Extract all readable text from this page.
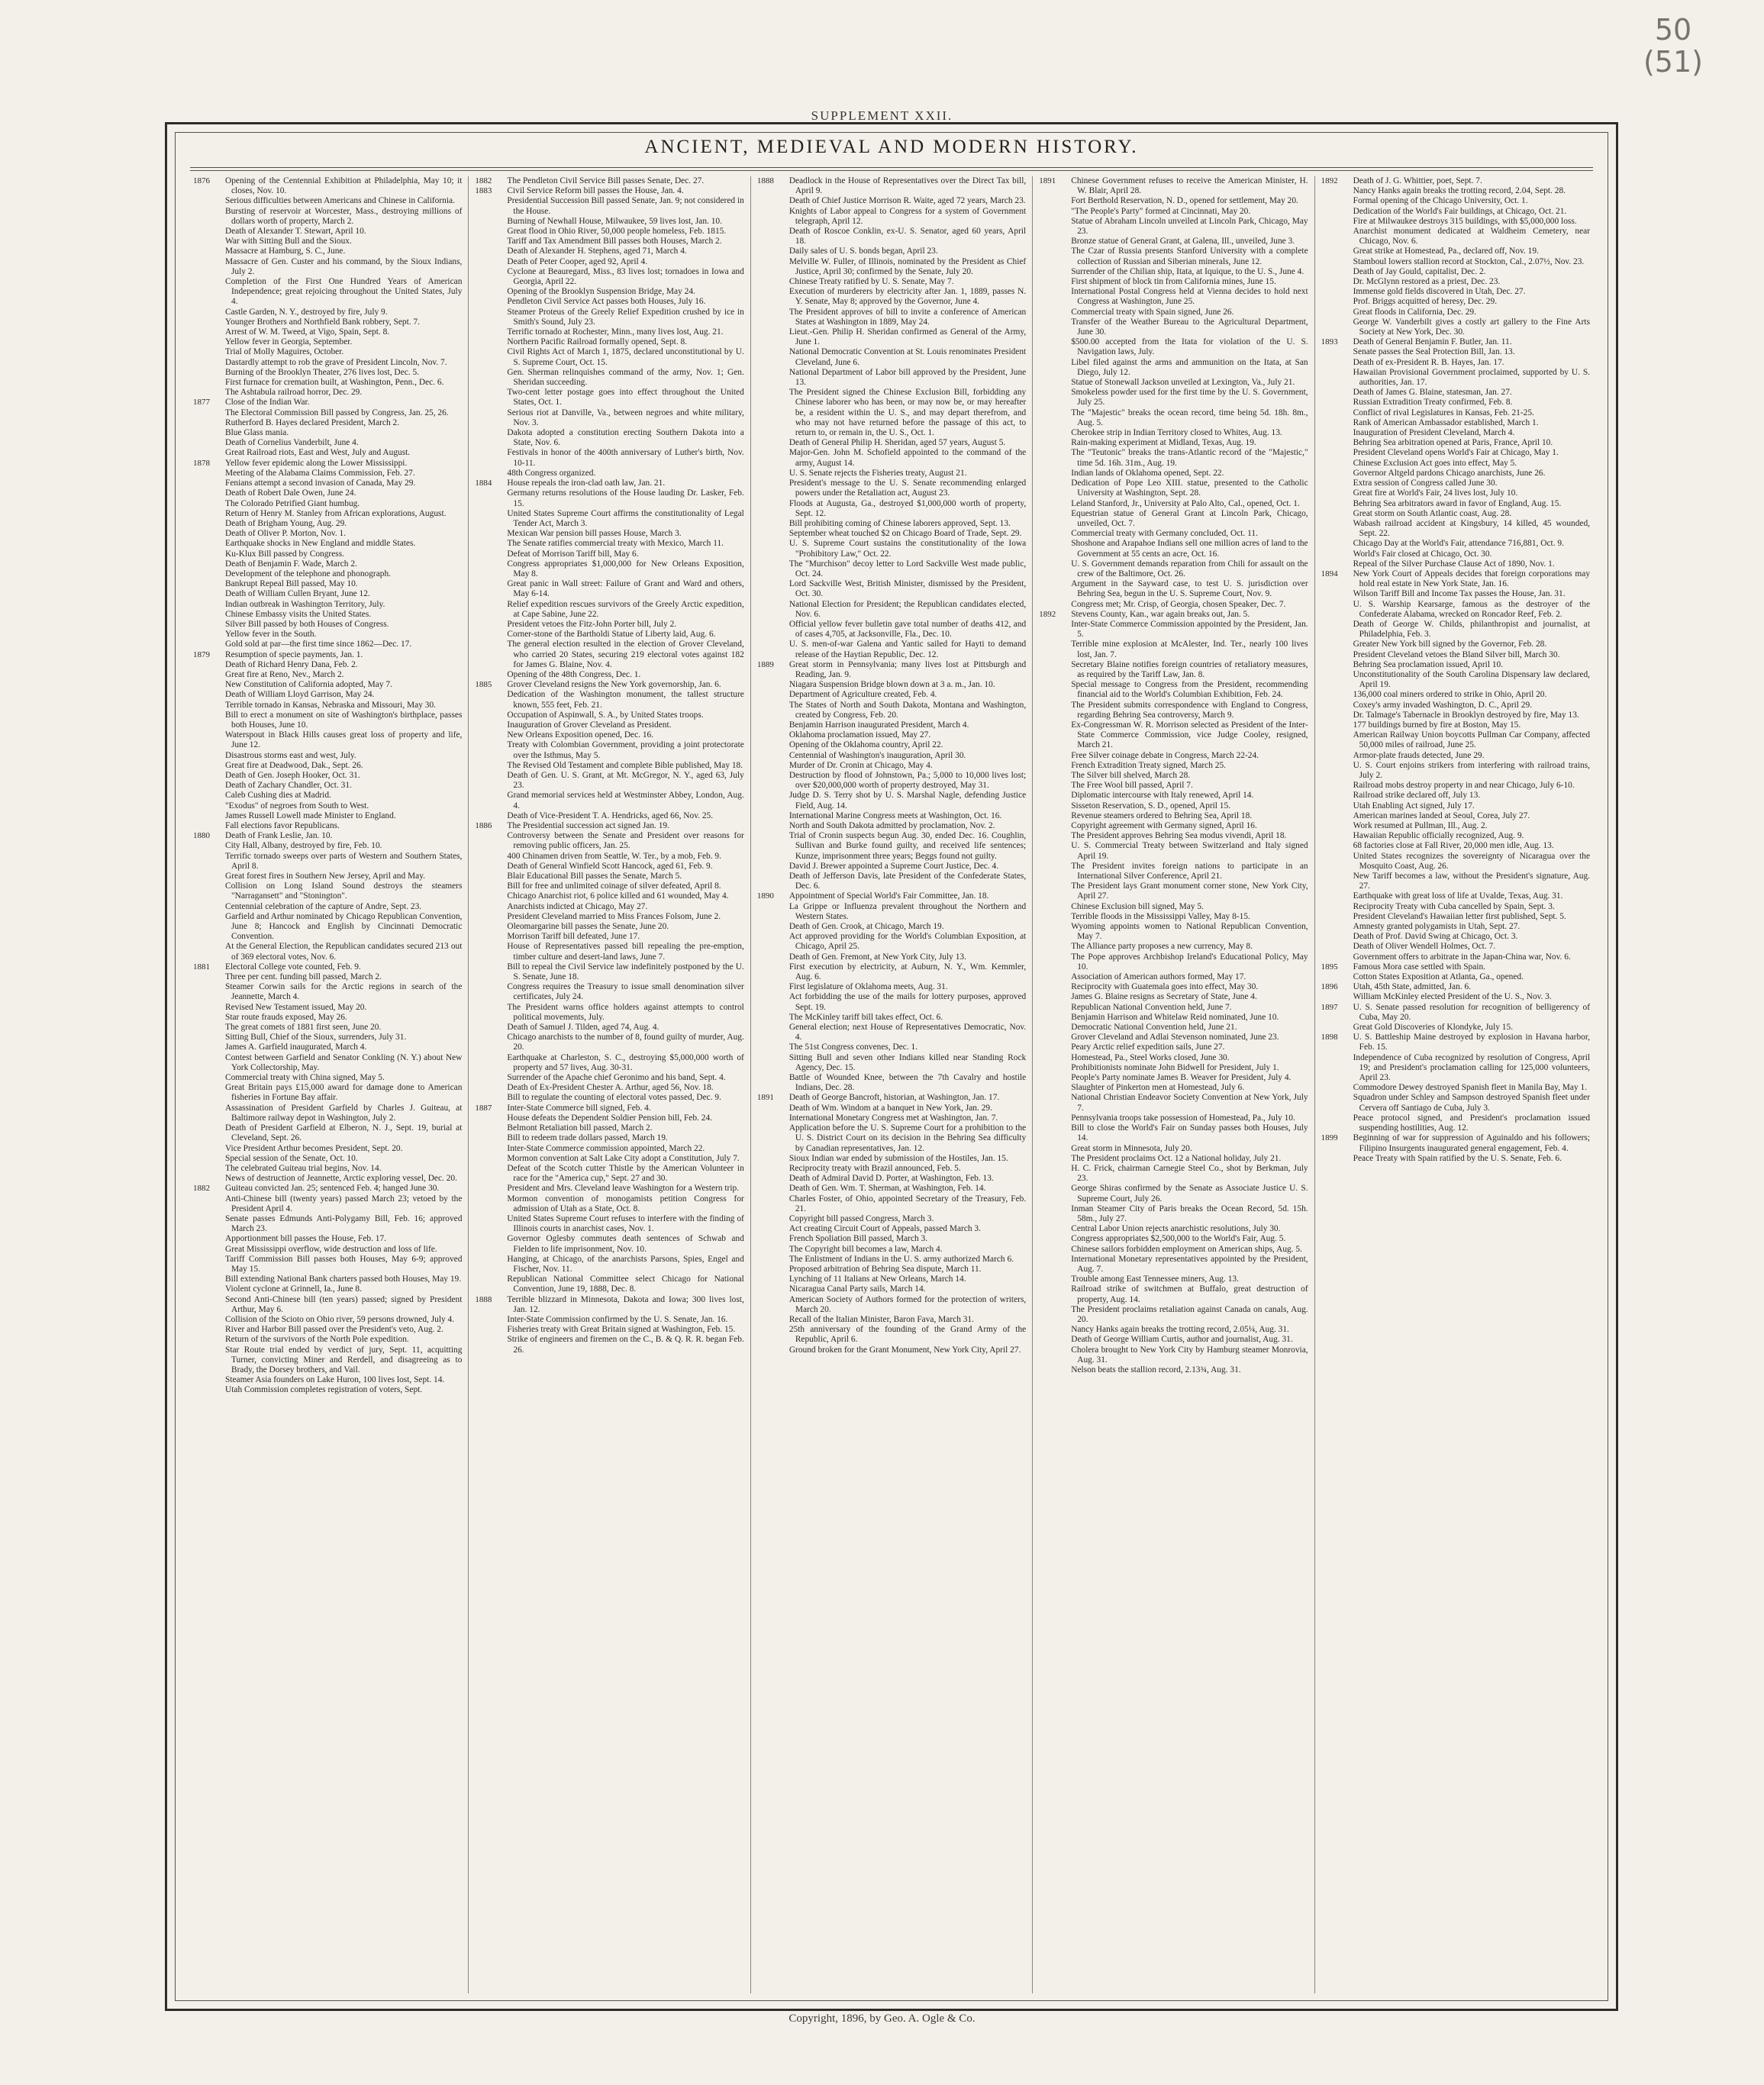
50
(51)
SUPPLEMENT XXII.
ANCIENT, MEDIEVAL AND MODERN HISTORY.
1876	Opening of the Centennial Exhibition at Philadelphia, May 10; it closes, Nov. 10.
Serious difficulties between Americans and Chinese in California.
Bursting of reservoir at Worcester, Mass., destroying millions of dollars worth of property, March 2.
Death of Alexander T. Stewart, April 10.
War with Sitting Bull and the Sioux.
Massacre at Hamburg, S. C., June.
Massacre of Gen. Custer and his command, by the Sioux Indians, July 2.
Completion of the First One Hundred Years of American Independence; great rejoicing throughout the United States, July 4.
Castle Garden, N. Y., destroyed by fire, July 9.
Younger Brothers and Northfield Bank robbery, Sept. 7.
Arrest of W. M. Tweed, at Vigo, Spain, Sept. 8.
Yellow fever in Georgia, September.
Trial of Molly Maguires, October.
Dastardly attempt to rob the grave of President Lincoln, Nov. 7.
Burning of the Brooklyn Theater, 276 lives lost, Dec. 5.
First furnace for cremation built, at Washington, Penn., Dec. 6.
The Ashtabula railroad horror, Dec. 29.
1877	Close of the Indian War.
The Electoral Commission Bill passed by Congress, Jan. 25, 26.
Rutherford B. Hayes declared President, March 2.
Blue Glass mania.
Death of Cornelius Vanderbilt, June 4.
Great Railroad riots, East and West, July and August.
1878	Yellow fever epidemic along the Lower Mississippi.
Meeting of the Alabama Claims Commission, Feb. 27.
Fenians attempt a second invasion of Canada, May 29.
Death of Robert Dale Owen, June 24.
The Colorado Petrified Giant humbug.
Return of Henry M. Stanley from African explorations, August.
Death of Brigham Young, Aug. 29.
Death of Oliver P. Morton, Nov. 1.
Earthquake shocks in New England and middle States.
Ku-Klux Bill passed by Congress.
Death of Benjamin F. Wade, March 2.
Development of the telephone and phonograph.
Bankrupt Repeal Bill passed, May 10.
Death of William Cullen Bryant, June 12.
Indian outbreak in Washington Territory, July.
Chinese Embassy visits the United States.
Silver Bill passed by both Houses of Congress.
Yellow fever in the South.
Gold sold at par—the first time since 1862—Dec. 17.
1879	Resumption of specie payments, Jan. 1.
Death of Richard Henry Dana, Feb. 2.
Great fire at Reno, Nev., March 2.
New Constitution of California adopted, May 7.
Death of William Lloyd Garrison, May 24.
Terrible tornado in Kansas, Nebraska and Missouri, May 30.
Bill to erect a monument on site of Washington's birthplace, passes both Houses, June 10.
Waterspout in Black Hills causes great loss of property and life, June 12.
Disastrous storms east and west, July.
Great fire at Deadwood, Dak., Sept. 26.
Death of Gen. Joseph Hooker, Oct. 31.
Death of Zachary Chandler, Oct. 31.
Caleb Cushing dies at Madrid.
"Exodus" of negroes from South to West.
James Russell Lowell made Minister to England.
Fall elections favor Republicans.
1880	Death of Frank Leslie, Jan. 10.
City Hall, Albany, destroyed by fire, Feb. 10.
Terrific tornado sweeps over parts of Western and Southern States, April 8.
Great forest fires in Southern New Jersey, April and May.
Collision on Long Island Sound destroys the steamers "Narragansett" and "Stonington".
Centennial celebration of the capture of Andre, Sept. 23.
Garfield and Arthur nominated by Chicago Republican Convention, June 8; Hancock and English by Cincinnati Democratic Convention.
At the General Election, the Republican candidates secured 213 out of 369 electoral votes, Nov. 6.
1881	Electoral College vote counted, Feb. 9.
Three per cent. funding bill passed, March 2.
Steamer Corwin sails for the Arctic regions in search of the Jeannette, March 4.
Revised New Testament issued, May 20.
Star route frauds exposed, May 26.
The great comets of 1881 first seen, June 20.
Sitting Bull, Chief of the Sioux, surrenders, July 31.
James A. Garfield inaugurated, March 4.
Contest between Garfield and Senator Conkling (N. Y.) about New York Collectorship, May.
Commercial treaty with China signed, May 5.
Great Britain pays £15,000 award for damage done to American fisheries in Fortune Bay affair.
Assassination of President Garfield by Charles J. Guiteau, at Baltimore railway depot in Washington, July 2.
Death of President Garfield at Elberon, N. J., Sept. 19, burial at Cleveland, Sept. 26.
Vice President Arthur becomes President, Sept. 20.
Special session of the Senate, Oct. 10.
The celebrated Guiteau trial begins, Nov. 14.
News of destruction of Jeannette, Arctic exploring vessel, Dec. 20.
1882	Guiteau convicted Jan. 25; sentenced Feb. 4; hanged June 30.
Anti-Chinese bill (twenty years) passed March 23; vetoed by the President April 4.
Senate passes Edmunds Anti-Polygamy Bill, Feb. 16; approved March 23.
Apportionment bill passes the House, Feb. 17.
Great Mississippi overflow, wide destruction and loss of life.
Tariff Commission Bill passes both Houses, May 6-9; approved May 15.
Bill extending National Bank charters passed both Houses, May 19.
Violent cyclone at Grinnell, Ia., June 8.
Second Anti-Chinese bill (ten years) passed; signed by President Arthur, May 6.
Collision of the Scioto on Ohio river, 59 persons drowned, July 4.
River and Harbor Bill passed over the President's veto, Aug. 2.
Return of the survivors of the North Pole expedition.
Star Route trial ended by verdict of jury, Sept. 11, acquitting Turner, convicting Miner and Rerdell, and disagreeing as to Brady, the Dorsey brothers, and Vail.
Steamer Asia founders on Lake Huron, 100 lives lost, Sept. 14.
Utah Commission completes registration of voters, Sept.
1882	The Pendleton Civil Service Bill passes Senate, Dec. 27.
1883	Civil Service Reform bill passes the House, Jan. 4.
Presidential Succession Bill passed Senate, Jan. 9; not considered in the House.
Burning of Newhall House, Milwaukee, 59 lives lost, Jan. 10.
Great flood in Ohio River, 50,000 people homeless, Feb. 1815.
Tariff and Tax Amendment Bill passes both Houses, March 2.
Death of Alexander H. Stephens, aged 71, March 4.
Death of Peter Cooper, aged 92, April 4.
Cyclone at Beauregard, Miss., 83 lives lost; tornadoes in Iowa and Georgia, April 22.
Opening of the Brooklyn Suspension Bridge, May 24.
Pendleton Civil Service Act passes both Houses, July 16.
Steamer Proteus of the Greely Relief Expedition crushed by ice in Smith's Sound, July 23.
Terrific tornado at Rochester, Minn., many lives lost, Aug. 21.
Northern Pacific Railroad formally opened, Sept. 8.
Civil Rights Act of March 1, 1875, declared unconstitutional by U. S. Supreme Court, Oct. 15.
Gen. Sherman relinquishes command of the army, Nov. 1; Gen. Sheridan succeeding.
Two-cent letter postage goes into effect throughout the United States, Oct. 1.
Serious riot at Danville, Va., between negroes and white military, Nov. 3.
Dakota adopted a constitution erecting Southern Dakota into a State, Nov. 6.
Festivals in honor of the 400th anniversary of Luther's birth, Nov. 10-11.
48th Congress organized.
1884	House repeals the iron-clad oath law, Jan. 21.
Germany returns resolutions of the House lauding Dr. Lasker, Feb. 15.
United States Supreme Court affirms the constitutionality of Legal Tender Act, March 3.
Mexican War pension bill passes House, March 3.
The Senate ratifies commercial treaty with Mexico, March 11.
Defeat of Morrison Tariff bill, May 6.
Congress appropriates $1,000,000 for New Orleans Exposition, May 8.
Great panic in Wall street: Failure of Grant and Ward and others, May 6-14.
Relief expedition rescues survivors of the Greely Arctic expedition, at Cape Sabine, June 22.
President vetoes the Fitz-John Porter bill, July 2.
Corner-stone of the Bartholdi Statue of Liberty laid, Aug. 6.
The general election resulted in the election of Grover Cleveland, who carried 20 States, securing 219 electoral votes against 182 for James G. Blaine, Nov. 4.
Opening of the 48th Congress, Dec. 1.
1885	Grover Cleveland resigns the New York governorship, Jan. 6.
Dedication of the Washington monument, the tallest structure known, 555 feet, Feb. 21.
Occupation of Aspinwall, S. A., by United States troops.
Inauguration of Grover Cleveland as President.
New Orleans Exposition opened, Dec. 16.
Treaty with Colombian Government, providing a joint protectorate over the Isthmus, May 5.
The Revised Old Testament and complete Bible published, May 18.
Death of Gen. U. S. Grant, at Mt. McGregor, N. Y., aged 63, July 23.
Grand memorial services held at Westminster Abbey, London, Aug. 4.
Death of Vice-President T. A. Hendricks, aged 66, Nov. 25.
1886	The Presidential succession act signed Jan. 19.
Controversy between the Senate and President over reasons for removing public officers, Jan. 25.
400 Chinamen driven from Seattle, W. Ter., by a mob, Feb. 9.
Death of General Winfield Scott Hancock, aged 61, Feb. 9.
Blair Educational Bill passes the Senate, March 5.
Bill for free and unlimited coinage of silver defeated, April 8.
Chicago Anarchist riot, 6 police killed and 61 wounded, May 4.
Anarchists indicted at Chicago, May 27.
President Cleveland married to Miss Frances Folsom, June 2.
Oleomargarine bill passes the Senate, June 20.
Morrison Tariff bill defeated, June 17.
House of Representatives passed bill repealing the pre-emption, timber culture and desert-land laws, June 7.
Bill to repeal the Civil Service law indefinitely postponed by the U. S. Senate, June 18.
Congress requires the Treasury to issue small denomination silver certificates, July 24.
The President warns office holders against attempts to control political movements, July.
Death of Samuel J. Tilden, aged 74, Aug. 4.
Chicago anarchists to the number of 8, found guilty of murder, Aug. 20.
Earthquake at Charleston, S. C., destroying $5,000,000 worth of property and 57 lives, Aug. 30-31.
Surrender of the Apache chief Geronimo and his band, Sept. 4.
Death of Ex-President Chester A. Arthur, aged 56, Nov. 18.
Bill to regulate the counting of electoral votes passed, Dec. 9.
1887	Inter-State Commerce bill signed, Feb. 4.
House defeats the Dependent Soldier Pension bill, Feb. 24.
Belmont Retaliation bill passed, March 2.
Bill to redeem trade dollars passed, March 19.
Inter-State Commerce commission appointed, March 22.
Mormon convention at Salt Lake City adopt a Constitution, July 7.
Defeat of the Scotch cutter Thistle by the American Volunteer in race for the "America cup," Sept. 27 and 30.
President and Mrs. Cleveland leave Washington for a Western trip.
Mormon convention of monogamists petition Congress for admission of Utah as a State, Oct. 8.
United States Supreme Court refuses to interfere with the finding of Illinois courts in anarchist cases, Nov. 1.
Governor Oglesby commutes death sentences of Schwab and Fielden to life imprisonment, Nov. 10.
Hanging, at Chicago, of the anarchists Parsons, Spies, Engel and Fischer, Nov. 11.
Republican National Committee select Chicago for National Convention, June 19, 1888, Dec. 8.
1888	Terrible blizzard in Minnesota, Dakota and Iowa; 300 lives lost, Jan. 12.
Inter-State Commission confirmed by the U. S. Senate, Jan. 16.
Fisheries treaty with Great Britain signed at Washington, Feb. 15.
Strike of engineers and firemen on the C., B. & Q. R. R. began Feb. 26.
1888	Deadlock in the House of Representatives over the Direct Tax bill, April 9.
Death of Chief Justice Morrison R. Waite, aged 72 years, March 23.
Knights of Labor appeal to Congress for a system of Government telegraph, April 12.
Death of Roscoe Conklin, ex-U. S. Senator, aged 60 years, April 18.
Daily sales of U. S. bonds began, April 23.
Melville W. Fuller, of Illinois, nominated by the President as Chief Justice, April 30; confirmed by the Senate, July 20.
Chinese Treaty ratified by U. S. Senate, May 7.
Execution of murderers by electricity after Jan. 1, 1889, passes N. Y. Senate, May 8; approved by the Governor, June 4.
The President approves of bill to invite a conference of American States at Washington in 1889, May 24.
Lieut.-Gen. Philip H. Sheridan confirmed as General of the Army, June 1.
National Democratic Convention at St. Louis renominates President Cleveland, June 6.
National Department of Labor bill approved by the President, June 13.
The President signed the Chinese Exclusion Bill, forbidding any Chinese laborer who has been, or may now be, or may hereafter be, a resident within the U. S., and may depart therefrom, and who may not have returned before the passage of this act, to return to, or remain in, the U. S., Oct. 1.
Death of General Philip H. Sheridan, aged 57 years, August 5.
Major-Gen. John M. Schofield appointed to the command of the army, August 14.
U. S. Senate rejects the Fisheries treaty, August 21.
President's message to the U. S. Senate recommending enlarged powers under the Retaliation act, August 23.
Floods at Augusta, Ga., destroyed $1,000,000 worth of property, Sept. 12.
Bill prohibiting coming of Chinese laborers approved, Sept. 13.
September wheat touched $2 on Chicago Board of Trade, Sept. 29.
U. S. Supreme Court sustains the constitutionality of the Iowa "Prohibitory Law," Oct. 22.
The "Murchison" decoy letter to Lord Sackville West made public, Oct. 24.
Lord Sackville West, British Minister, dismissed by the President, Oct. 30.
National Election for President; the Republican candidates elected, Nov. 6.
Official yellow fever bulletin gave total number of deaths 412, and of cases 4,705, at Jacksonville, Fla., Dec. 10.
U. S. men-of-war Galena and Yantic sailed for Hayti to demand release of the Haytian Republic, Dec. 12.
1889	Great storm in Pennsylvania; many lives lost at Pittsburgh and Reading, Jan. 9.
Niagara Suspension Bridge blown down at 3 a. m., Jan. 10.
Department of Agriculture created, Feb. 4.
The States of North and South Dakota, Montana and Washington, created by Congress, Feb. 20.
Benjamin Harrison inaugurated President, March 4.
Oklahoma proclamation issued, May 27.
Opening of the Oklahoma country, April 22.
Centennial of Washington's inauguration, April 30.
Murder of Dr. Cronin at Chicago, May 4.
Destruction by flood of Johnstown, Pa.; 5,000 to 10,000 lives lost; over $20,000,000 worth of property destroyed, May 31.
Judge D. S. Terry shot by U. S. Marshal Nagle, defending Justice Field, Aug. 14.
International Marine Congress meets at Washington, Oct. 16.
North and South Dakota admitted by proclamation, Nov. 2.
Trial of Cronin suspects begun Aug. 30, ended Dec. 16. Coughlin, Sullivan and Burke found guilty, and received life sentences; Kunze, imprisonment three years; Beggs found not guilty.
David J. Brewer appointed a Supreme Court Justice, Dec. 4.
Death of Jefferson Davis, late President of the Confederate States, Dec. 6.
1890	Appointment of Special World's Fair Committee, Jan. 18.
La Grippe or Influenza prevalent throughout the Northern and Western States.
Death of Gen. Crook, at Chicago, March 19.
Act approved providing for the World's Columbian Exposition, at Chicago, April 25.
Death of Gen. Fremont, at New York City, July 13.
First execution by electricity, at Auburn, N. Y., Wm. Kemmler, Aug. 6.
First legislature of Oklahoma meets, Aug. 31.
Act forbidding the use of the mails for lottery purposes, approved Sept. 19.
The McKinley tariff bill takes effect, Oct. 6.
General election; next House of Representatives Democratic, Nov. 4.
The 51st Congress convenes, Dec. 1.
Sitting Bull and seven other Indians killed near Standing Rock Agency, Dec. 15.
Battle of Wounded Knee, between the 7th Cavalry and hostile Indians, Dec. 28.
1891	Death of George Bancroft, historian, at Washington, Jan. 17.
Death of Wm. Windom at a banquet in New York, Jan. 29.
International Monetary Congress met at Washington, Jan. 7.
Application before the U. S. Supreme Court for a prohibition to the U. S. District Court on its decision in the Behring Sea difficulty by Canadian representatives, Jan. 12.
Sioux Indian war ended by submission of the Hostiles, Jan. 15.
Reciprocity treaty with Brazil announced, Feb. 5.
Death of Admiral David D. Porter, at Washington, Feb. 13.
Death of Gen. Wm. T. Sherman, at Washington, Feb. 14.
Charles Foster, of Ohio, appointed Secretary of the Treasury, Feb. 21.
Copyright bill passed Congress, March 3.
Act creating Circuit Court of Appeals, passed March 3.
French Spoliation Bill passed, March 3.
The Copyright bill becomes a law, March 4.
The Enlistment of Indians in the U. S. army authorized March 6.
Proposed arbitration of Behring Sea dispute, March 11.
Lynching of 11 Italians at New Orleans, March 14.
Nicaragua Canal Party sails, March 14.
American Society of Authors formed for the protection of writers, March 20.
Recall of the Italian Minister, Baron Fava, March 31.
25th anniversary of the founding of the Grand Army of the Republic, April 6.
Ground broken for the Grant Monument, New York City, April 27.
1891	Chinese Government refuses to receive the American Minister, H. W. Blair, April 28.
Fort Berthold Reservation, N. D., opened for settlement, May 20.
"The People's Party" formed at Cincinnati, May 20.
Statue of Abraham Lincoln unveiled at Lincoln Park, Chicago, May 23.
Bronze statue of General Grant, at Galena, Ill., unveiled, June 3.
The Czar of Russia presents Stanford University with a complete collection of Russian and Siberian minerals, June 12.
Surrender of the Chilian ship, Itata, at Iquique, to the U. S., June 4.
First shipment of block tin from California mines, June 15.
International Postal Congress held at Vienna decides to hold next Congress at Washington, June 25.
Commercial treaty with Spain signed, June 26.
Transfer of the Weather Bureau to the Agricultural Department, June 30.
$500.00 accepted from the Itata for violation of the U. S. Navigation laws, July.
Libel filed against the arms and ammunition on the Itata, at San Diego, July 12.
Statue of Stonewall Jackson unveiled at Lexington, Va., July 21.
Smokeless powder used for the first time by the U. S. Government, July 25.
The "Majestic" breaks the ocean record, time being 5d. 18h. 8m., Aug. 5.
Cherokee strip in Indian Territory closed to Whites, Aug. 13.
Rain-making experiment at Midland, Texas, Aug. 19.
The "Teutonic" breaks the trans-Atlantic record of the "Majestic," time 5d. 16h. 31m., Aug. 19.
Indian lands of Oklahoma opened, Sept. 22.
Dedication of Pope Leo XIII. statue, presented to the Catholic University at Washington, Sept. 28.
Leland Stanford, Jr., University at Palo Alto, Cal., opened, Oct. 1.
Equestrian statue of General Grant at Lincoln Park, Chicago, unveiled, Oct. 7.
Commercial treaty with Germany concluded, Oct. 11.
Shoshone and Arapahoe Indians sell one million acres of land to the Government at 55 cents an acre, Oct. 16.
U. S. Government demands reparation from Chili for assault on the crew of the Baltimore, Oct. 26.
Argument in the Sayward case, to test U. S. jurisdiction over Behring Sea, begun in the U. S. Supreme Court, Nov. 9.
Congress met; Mr. Crisp, of Georgia, chosen Speaker, Dec. 7.
1892	Stevens County, Kan., war again breaks out, Jan. 5.
Inter-State Commerce Commission appointed by the President, Jan. 5.
Terrible mine explosion at McAlester, Ind. Ter., nearly 100 lives lost, Jan. 7.
Secretary Blaine notifies foreign countries of retaliatory measures, as required by the Tariff Law, Jan. 8.
Special message to Congress from the President, recommending financial aid to the World's Columbian Exhibition, Feb. 24.
The President submits correspondence with England to Congress, regarding Behring Sea controversy, March 9.
Ex-Congressman W. R. Morrison selected as President of the Inter-State Commerce Commission, vice Judge Cooley, resigned, March 21.
Free Silver coinage debate in Congress, March 22-24.
French Extradition Treaty signed, March 25.
The Silver bill shelved, March 28.
The Free Wool bill passed, April 7.
Diplomatic intercourse with Italy renewed, April 14.
Sisseton Reservation, S. D., opened, April 15.
Revenue steamers ordered to Behring Sea, April 18.
Copyright agreement with Germany signed, April 16.
The President approves Behring Sea modus vivendi, April 18.
U. S. Commercial Treaty between Switzerland and Italy signed April 19.
The President invites foreign nations to participate in an International Silver Conference, April 21.
The President lays Grant monument corner stone, New York City, April 27.
Chinese Exclusion bill signed, May 5.
Terrible floods in the Mississippi Valley, May 8-15.
Wyoming appoints women to National Republican Convention, May 7.
The Alliance party proposes a new currency, May 8.
The Pope approves Archbishop Ireland's Educational Policy, May 10.
Association of American authors formed, May 17.
Reciprocity with Guatemala goes into effect, May 30.
James G. Blaine resigns as Secretary of State, June 4.
Republican National Convention held, June 7.
Benjamin Harrison and Whitelaw Reid nominated, June 10.
Democratic National Convention held, June 21.
Grover Cleveland and Adlai Stevenson nominated, June 23.
Peary Arctic relief expedition sails, June 27.
Homestead, Pa., Steel Works closed, June 30.
Prohibitionists nominate John Bidwell for President, July 1.
People's Party nominate James B. Weaver for President, July 4.
Slaughter of Pinkerton men at Homestead, July 6.
National Christian Endeavor Society Convention at New York, July 7.
Pennsylvania troops take possession of Homestead, Pa., July 10.
Bill to close the World's Fair on Sunday passes both Houses, July 14.
Great storm in Minnesota, July 20.
The President proclaims Oct. 12 a National holiday, July 21.
H. C. Frick, chairman Carnegie Steel Co., shot by Berkman, July 23.
George Shiras confirmed by the Senate as Associate Justice U. S. Supreme Court, July 26.
Inman Steamer City of Paris breaks the Ocean Record, 5d. 15h. 58m., July 27.
Central Labor Union rejects anarchistic resolutions, July 30.
Congress appropriates $2,500,000 to the World's Fair, Aug. 5.
Chinese sailors forbidden employment on American ships, Aug. 5.
International Monetary representatives appointed by the President, Aug. 7.
Trouble among East Tennessee miners, Aug. 13.
Railroad strike of switchmen at Buffalo, great destruction of property, Aug. 14.
The President proclaims retaliation against Canada on canals, Aug. 20.
Nancy Hanks again breaks the trotting record, 2.05¼, Aug. 31.
Death of George William Curtis, author and journalist, Aug. 31.
Cholera brought to New York City by Hamburg steamer Monrovia, Aug. 31.
Nelson beats the stallion record, 2.13¾, Aug. 31.
1892	Death of J. G. Whittier, poet, Sept. 7.
Nancy Hanks again breaks the trotting record, 2.04, Sept. 28.
Formal opening of the Chicago University, Oct. 1.
Dedication of the World's Fair buildings, at Chicago, Oct. 21.
Fire at Milwaukee destroys 315 buildings, with $5,000,000 loss.
Anarchist monument dedicated at Waldheim Cemetery, near Chicago, Nov. 6.
Great strike at Homestead, Pa., declared off, Nov. 19.
Stamboul lowers stallion record at Stockton, Cal., 2.07½, Nov. 23.
Death of Jay Gould, capitalist, Dec. 2.
Dr. McGlynn restored as a priest, Dec. 23.
Immense gold fields discovered in Utah, Dec. 27.
Prof. Briggs acquitted of heresy, Dec. 29.
Great floods in California, Dec. 29.
George W. Vanderbilt gives a costly art gallery to the Fine Arts Society at New York, Dec. 30.
1893	Death of General Benjamin F. Butler, Jan. 11.
Senate passes the Seal Protection Bill, Jan. 13.
Death of ex-President R. B. Hayes, Jan. 17.
Hawaiian Provisional Government proclaimed, supported by U. S. authorities, Jan. 17.
Death of James G. Blaine, statesman, Jan. 27.
Russian Extradition Treaty confirmed, Feb. 8.
Conflict of rival Legislatures in Kansas, Feb. 21-25.
Rank of American Ambassador established, March 1.
Inauguration of President Cleveland, March 4.
Behring Sea arbitration opened at Paris, France, April 10.
President Cleveland opens World's Fair at Chicago, May 1.
Chinese Exclusion Act goes into effect, May 5.
Governor Altgeld pardons Chicago anarchists, June 26.
Extra session of Congress called June 30.
Great fire at World's Fair, 24 lives lost, July 10.
Behring Sea arbitrators award in favor of England, Aug. 15.
Great storm on South Atlantic coast, Aug. 28.
Wabash railroad accident at Kingsbury, 14 killed, 45 wounded, Sept. 22.
Chicago Day at the World's Fair, attendance 716,881, Oct. 9.
World's Fair closed at Chicago, Oct. 30.
Repeal of the Silver Purchase Clause Act of 1890, Nov. 1.
1894	New York Court of Appeals decides that foreign corporations may hold real estate in New York State, Jan. 16.
Wilson Tariff Bill and Income Tax passes the House, Jan. 31.
U. S. Warship Kearsarge, famous as the destroyer of the Confederate Alabama, wrecked on Roncador Reef, Feb. 2.
Death of George W. Childs, philanthropist and journalist, at Philadelphia, Feb. 3.
Greater New York bill signed by the Governor, Feb. 28.
President Cleveland vetoes the Bland Silver bill, March 30.
Behring Sea proclamation issued, April 10.
Unconstitutionality of the South Carolina Dispensary law declared, April 19.
136,000 coal miners ordered to strike in Ohio, April 20.
Coxey's army invaded Washington, D. C., April 29.
Dr. Talmage's Tabernacle in Brooklyn destroyed by fire, May 13.
177 buildings burned by fire at Boston, May 15.
American Railway Union boycotts Pullman Car Company, affected 50,000 miles of railroad, June 25.
Armor-plate frauds detected, June 29.
U. S. Court enjoins strikers from interfering with railroad trains, July 2.
Railroad mobs destroy property in and near Chicago, July 6-10.
Railroad strike declared off, July 13.
Utah Enabling Act signed, July 17.
American marines landed at Seoul, Corea, July 27.
Work resumed at Pullman, Ill., Aug. 2.
Hawaiian Republic officially recognized, Aug. 9.
68 factories close at Fall River, 20,000 men idle, Aug. 13.
United States recognizes the sovereignty of Nicaragua over the Mosquito Coast, Aug. 26.
New Tariff becomes a law, without the President's signature, Aug. 27.
Earthquake with great loss of life at Uvalde, Texas, Aug. 31.
Reciprocity Treaty with Cuba cancelled by Spain, Sept. 3.
President Cleveland's Hawaiian letter first published, Sept. 5.
Amnesty granted polygamists in Utah, Sept. 27.
Death of Prof. David Swing at Chicago, Oct. 3.
Death of Oliver Wendell Holmes, Oct. 7.
Government offers to arbitrate in the Japan-China war, Nov. 6.
1895	Famous Mora case settled with Spain.
Cotton States Exposition at Atlanta, Ga., opened.
1896	Utah, 45th State, admitted, Jan. 6.
William McKinley elected President of the U. S., Nov. 3.
1897	U. S. Senate passed resolution for recognition of belligerency of Cuba, May 20.
Great Gold Discoveries of Klondyke, July 15.
1898	U. S. Battleship Maine destroyed by explosion in Havana harbor, Feb. 15.
Independence of Cuba recognized by resolution of Congress, April 19; and President's proclamation calling for 125,000 volunteers, April 23.
Commodore Dewey destroyed Spanish fleet in Manila Bay, May 1.
Squadron under Schley and Sampson destroyed Spanish fleet under Cervera off Santiago de Cuba, July 3.
Peace protocol signed, and President's proclamation issued suspending hostilities, Aug. 12.
1899	Beginning of war for suppression of Aguinaldo and his followers; Filipino Insurgents inaugurated general engagement, Feb. 4.
Peace Treaty with Spain ratified by the U. S. Senate, Feb. 6.
Copyright, 1896, by Geo. A. Ogle & Co.
